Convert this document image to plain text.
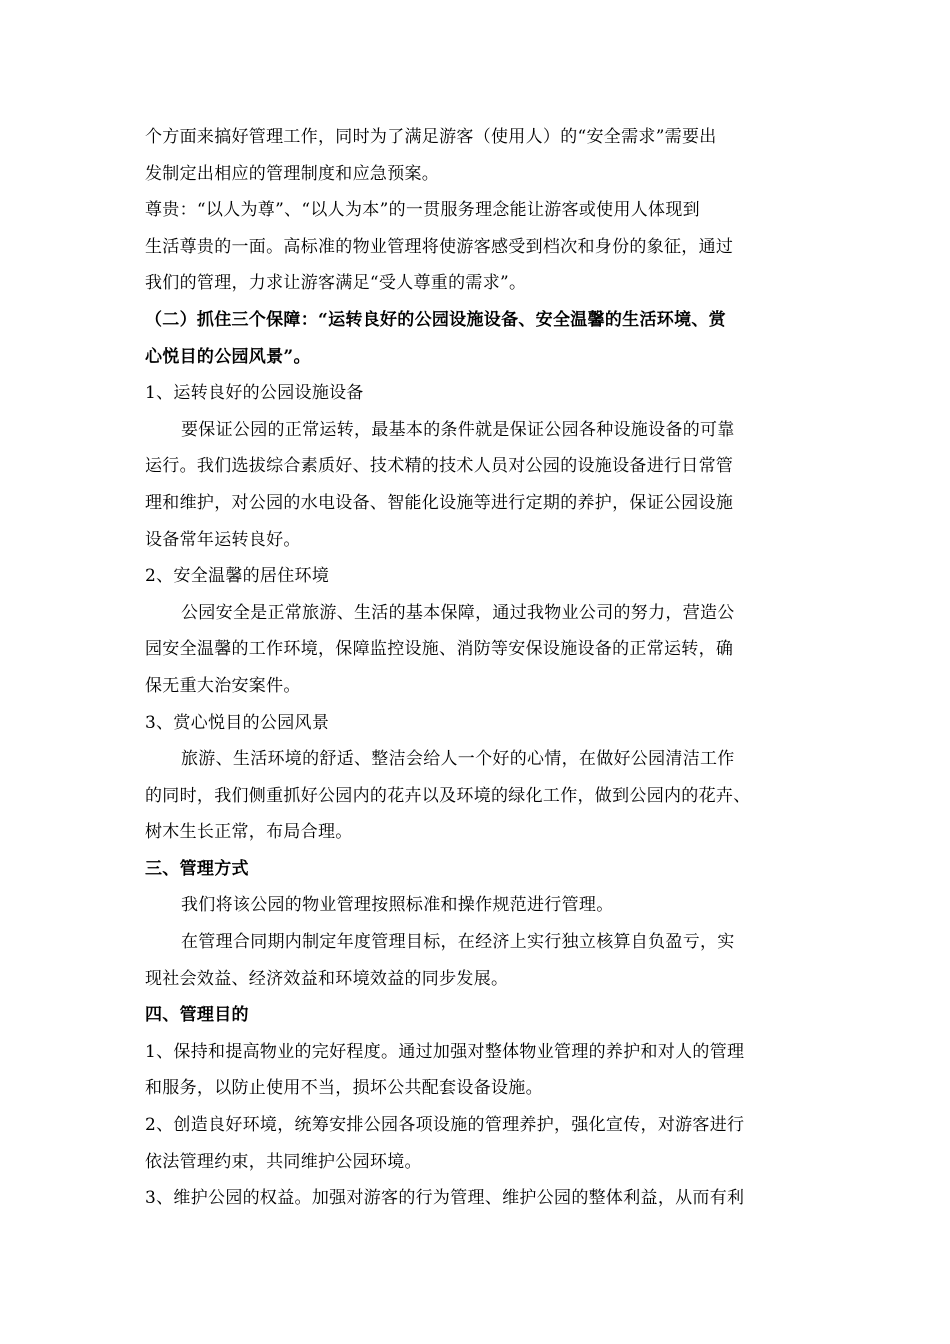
个方面来搞好管理工作，同时为了满足游客（使用人）的“安全需求”需要出
发制定出相应的管理制度和应急预案。
尊贵：“以人为尊”、“以人为本”的一贯服务理念能让游客或使用人体现到
生活尊贵的一面。高标准的物业管理将使游客感受到档次和身份的象征，通过
我们的管理，力求让游客满足“受人尊重的需求”。
（二）抓住三个保障：“运转良好的公园设施设备、安全温馨的生活环境、赏
心悦目的公园风景”。
1、运转良好的公园设施设备
要保证公园的正常运转，最基本的条件就是保证公园各种设施设备的可靠
运行。我们选拔综合素质好、技术精的技术人员对公园的设施设备进行日常管
理和维护，对公园的水电设备、智能化设施等进行定期的养护，保证公园设施
设备常年运转良好。
2、安全温馨的居住环境
公园安全是正常旅游、生活的基本保障，通过我物业公司的努力，营造公
园安全温馨的工作环境，保障监控设施、消防等安保设施设备的正常运转，确
保无重大治安案件。
3、赏心悦目的公园风景
旅游、生活环境的舒适、整洁会给人一个好的心情，在做好公园清洁工作
的同时，我们侧重抓好公园内的花卉以及环境的绿化工作，做到公园内的花卉、
树木生长正常，布局合理。
三、管理方式
我们将该公园的物业管理按照标准和操作规范进行管理。
在管理合同期内制定年度管理目标，在经济上实行独立核算自负盈亏，实
现社会效益、经济效益和环境效益的同步发展。
四、管理目的
1、保持和提高物业的完好程度。通过加强对整体物业管理的养护和对人的管理
和服务，以防止使用不当，损坏公共配套设备设施。
2、创造良好环境，统筹安排公园各项设施的管理养护，强化宣传，对游客进行
依法管理约束，共同维护公园环境。
3、维护公园的权益。加强对游客的行为管理、维护公园的整体利益，从而有利
